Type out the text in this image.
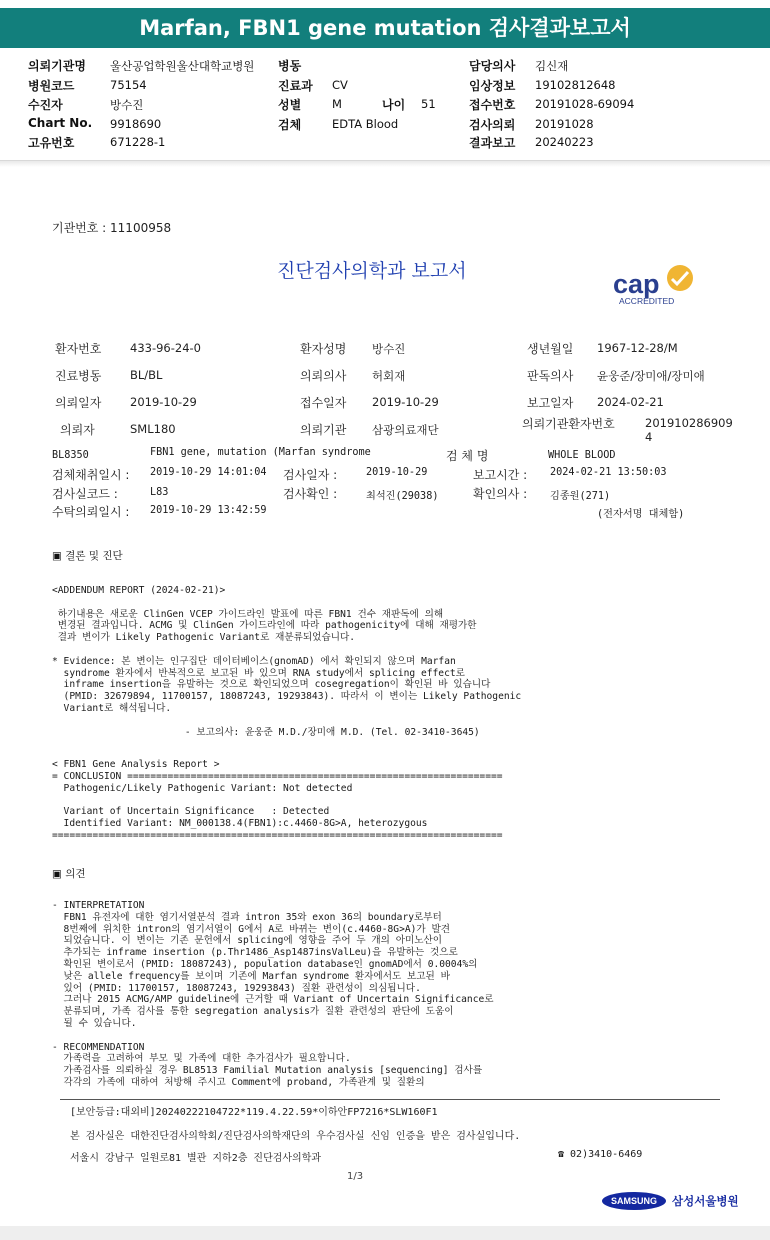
Marfan, FBN1 gene mutation 검사결과보고서
의뢰기관명 울산공업학원울산대학교병원 병동	담당의사 김신재
병원코드	75154	진료과 CV	임상정보 19102812648
수진자	방수진	성별	M	나이 51	접수번호 20191028-69094
Chart No. 9918690	검체	EDTA Blood	검사의뢰 20191028
고유번호	671228-1	결과보고 20240223
기관번호 : 11100958
진단검사의학과 보고서	cap
ACCREDITED
환자번호 433-96-24-0	환자성명 방수진	생년월일 1967-12-28/M
진료병동 BL/BL	의뢰의사 허회재	판독의사 윤웅준/장미애/장미애
의뢰일자 2019-10-29	접수일자 2019-10-29	보고일자 2024-02-21
의뢰자	SML180	의뢰기관 삼광의료재단	의뢰기관환자번호	201910286909
4
BL8350	FBN1 gene, mutation (Marfan syndrome	검 체 명	WHOLE BLOOD
검체채취일시 : 2019-10-29 14:01:04 검사일자 :	2019-10-29	보고시간 : 2024-02-21 13:50:03
검사실코드 :	L83	검사확인 :	최석진(29038)	확인의사 : 김종원(271)
수탁의뢰일시 : 2019-10-29 13:42:59	(전자서명 대체함)
▣ 결론 및 진단
<ADDENDUM REPORT (2024-02-21)>

하기내용은 새로운 ClinGen VCEP 가이드라인 발표에 따른 FBN1 건수 재판독에 의해
변경된 결과입니다. ACMG 및 ClinGen 가이드라인에 따라 pathogenicity에 대해 재평가한
결과 변이가 Likely Pathogenic Variant로 재분류되었습니다.

* Evidence: 본 변이는 인구집단 데이터베이스(gnomAD) 에서 확인되지 않으며 Marfan
syndrome 환자에서 반복적으로 보고된 바 있으며 RNA study에서 splicing effect로
inframe insertion을 유발하는 것으로 확인되었으며 cosegregation이 확인된 바 있습니다
(PMID: 32679894, 11700157, 18087243, 19293843). 따라서 이 변이는 Likely Pathogenic
Variant로 해석됩니다.

- 보고의사: 윤웅준 M.D./장미애 M.D. (Tel. 02-3410-3645)
< FBN1 Gene Analysis Report >
= CONCLUSION =================================================================
Pathogenic/Likely Pathogenic Variant: Not detected

Variant of Uncertain Significance   : Detected
Identified Variant: NM_000138.4(FBN1):c.4460-8G>A, heterozygous
==============================================================================
▣ 의견
- INTERPRETATION
FBN1 유전자에 대한 염기서열분석 결과 intron 35와 exon 36의 boundary로부터
8번째에 위치한 intron의 염기서열이 G에서 A로 바뀌는 변이(c.4460-8G>A)가 발견
되었습니다. 이 변이는 기존 문헌에서 splicing에 영향을 주어 두 개의 아미노산이
추가되는 inframe insertion (p.Thr1486_Asp1487insValLeu)을 유발하는 것으로
확인된 변이로서 (PMID: 18087243), population database인 gnomAD에서 0.0004%의
낮은 allele frequency를 보이며 기존에 Marfan syndrome 환자에서도 보고된 바
있어 (PMID: 11700157, 18087243, 19293843) 질환 관련성이 의심됩니다.
그러나 2015 ACMG/AMP guideline에 근거할 때 Variant of Uncertain Significance로
분류되며, 가족 검사를 통한 segregation analysis가 질환 관련성의 판단에 도움이
될 수 있습니다.

- RECOMMENDATION
가족력을 고려하여 부모 및 가족에 대한 추가검사가 필요합니다.
가족검사를 의뢰하실 경우 BL8513 Familial Mutation analysis [sequencing] 검사를
각각의 가족에 대하여 처방해 주시고 Comment에 proband, 가족관계 및 질환의
[보안등급:대외비]20240222104722*119.4.22.59*이하안FP7216*SLW160F1
본 검사실은 대한진단검사의학회/진단검사의학재단의 우수검사실 신임 인증을 받은 검사실입니다.
서울시 강남구 일원로81 별관 지하2층 진단검사의학과	☎ 02)3410-6469
1/3
SAMSUNG	삼성서울병원
